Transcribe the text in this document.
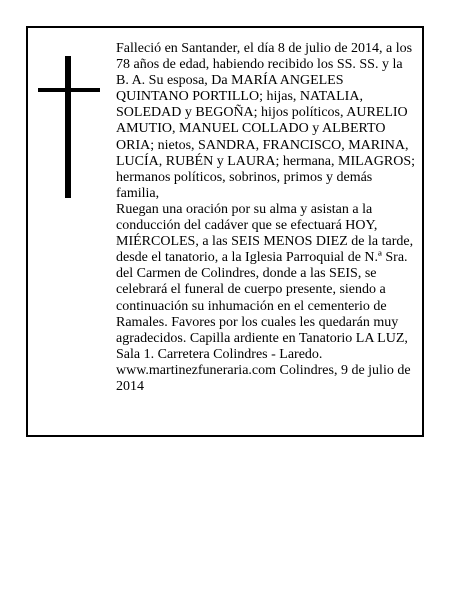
Falleció en Santander, el día 8 de julio de 2014, a los 78 años de edad, habiendo recibido los SS. SS. y la B. A. Su esposa, Da MARÍA ANGELES QUINTANO PORTILLO; hijas, NATALIA, SOLEDAD y BEGOÑA; hijos políticos, AURELIO AMUTIO, MANUEL COLLADO y ALBERTO ORIA; nietos, SANDRA, FRANCISCO, MARINA, LUCÍA, RUBÉN y LAURA; hermana, MILAGROS; hermanos políticos, sobrinos, primos y demás familia,

Ruegan una oración por su alma y asistan a la conducción del cadáver que se efectuará HOY, MIÉRCOLES, a las SEIS MENOS DIEZ de la tarde, desde el tanatorio, a la Iglesia Parroquial de N.ª Sra. del Carmen de Colindres, donde a las SEIS, se celebrará el funeral de cuerpo presente, siendo a continuación su inhumación en el cementerio de Ramales. Favores por los cuales les quedarán muy agradecidos. Capilla ardiente en Tanatorio LA LUZ, Sala 1. Carretera Colindres - Laredo.

www.martinezfuneraria.com Colindres, 9 de julio de 2014
